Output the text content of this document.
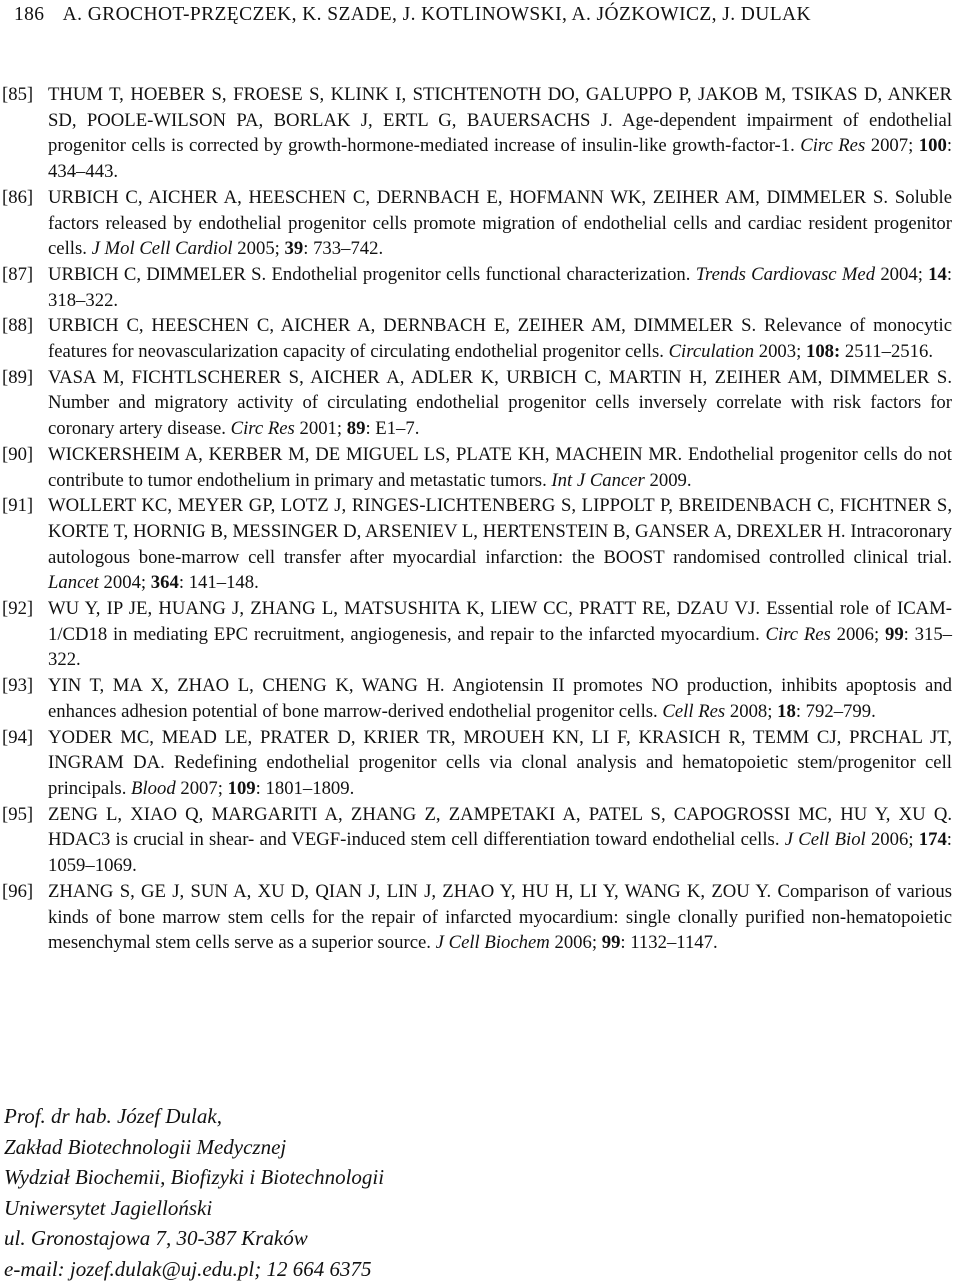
186 A. GROCHOT-PRZĘCZEK, K. SZADE, J. KOTLINOWSKI, A. JÓZKOWICZ, J. DULAK
[85] THUM T, HOEBER S, FROESE S, KLINK I, STICHTENOTH DO, GALUPPO P, JAKOB M, TSIKAS D, ANKER SD, POOLE-WILSON PA, BORLAK J, ERTL G, BAUERSACHS J. Age-dependent impairment of endothelial progenitor cells is corrected by growth-hormone-mediated increase of insulin-like growth-factor-1. Circ Res 2007; 100: 434–443.
[86] URBICH C, AICHER A, HEESCHEN C, DERNBACH E, HOFMANN WK, ZEIHER AM, DIMMELER S. Soluble factors released by endothelial progenitor cells promote migration of endothelial cells and cardiac resident progenitor cells. J Mol Cell Cardiol 2005; 39: 733–742.
[87] URBICH C, DIMMELER S. Endothelial progenitor cells functional characterization. Trends Cardiovasc Med 2004; 14: 318–322.
[88] URBICH C, HEESCHEN C, AICHER A, DERNBACH E, ZEIHER AM, DIMMELER S. Relevance of monocytic features for neovascularization capacity of circulating endothelial progenitor cells. Circulation 2003; 108: 2511–2516.
[89] VASA M, FICHTLSCHERER S, AICHER A, ADLER K, URBICH C, MARTIN H, ZEIHER AM, DIMMELER S. Number and migratory activity of circulating endothelial progenitor cells inversely correlate with risk factors for coronary artery disease. Circ Res 2001; 89: E1–7.
[90] WICKERSHEIM A, KERBER M, DE MIGUEL LS, PLATE KH, MACHEIN MR. Endothelial progenitor cells do not contribute to tumor endothelium in primary and metastatic tumors. Int J Cancer 2009.
[91] WOLLERT KC, MEYER GP, LOTZ J, RINGES-LICHTENBERG S, LIPPOLT P, BREIDENBACH C, FICHTNER S, KORTE T, HORNIG B, MESSINGER D, ARSENIEV L, HERTENSTEIN B, GANSER A, DREXLER H. Intracoronary autologous bone-marrow cell transfer after myocardial infarction: the BOOST randomised controlled clinical trial. Lancet 2004; 364: 141–148.
[92] WU Y, IP JE, HUANG J, ZHANG L, MATSUSHITA K, LIEW CC, PRATT RE, DZAU VJ. Essential role of ICAM-1/CD18 in mediating EPC recruitment, angiogenesis, and repair to the infarcted myocardium. Circ Res 2006; 99: 315–322.
[93] YIN T, MA X, ZHAO L, CHENG K, WANG H. Angiotensin II promotes NO production, inhibits apoptosis and enhances adhesion potential of bone marrow-derived endothelial progenitor cells. Cell Res 2008; 18: 792–799.
[94] YODER MC, MEAD LE, PRATER D, KRIER TR, MROUEH KN, LI F, KRASICH R, TEMM CJ, PRCHAL JT, INGRAM DA. Redefining endothelial progenitor cells via clonal analysis and hematopoietic stem/progenitor cell principals. Blood 2007; 109: 1801–1809.
[95] ZENG L, XIAO Q, MARGARITI A, ZHANG Z, ZAMPETAKI A, PATEL S, CAPOGROSSI MC, HU Y, XU Q. HDAC3 is crucial in shear- and VEGF-induced stem cell differentiation toward endothelial cells. J Cell Biol 2006; 174: 1059–1069.
[96] ZHANG S, GE J, SUN A, XU D, QIAN J, LIN J, ZHAO Y, HU H, LI Y, WANG K, ZOU Y. Comparison of various kinds of bone marrow stem cells for the repair of infarcted myocardium: single clonally purified non-hematopoietic mesenchymal stem cells serve as a superior source. J Cell Biochem 2006; 99: 1132–1147.
Prof. dr hab. Józef Dulak,
Zakład Biotechnologii Medycznej
Wydział Biochemii, Biofizyki i Biotechnologii
Uniwersytet Jagielloński
ul. Gronostajowa 7, 30-387 Kraków
e-mail: jozef.dulak@uj.edu.pl; 12 664 6375
